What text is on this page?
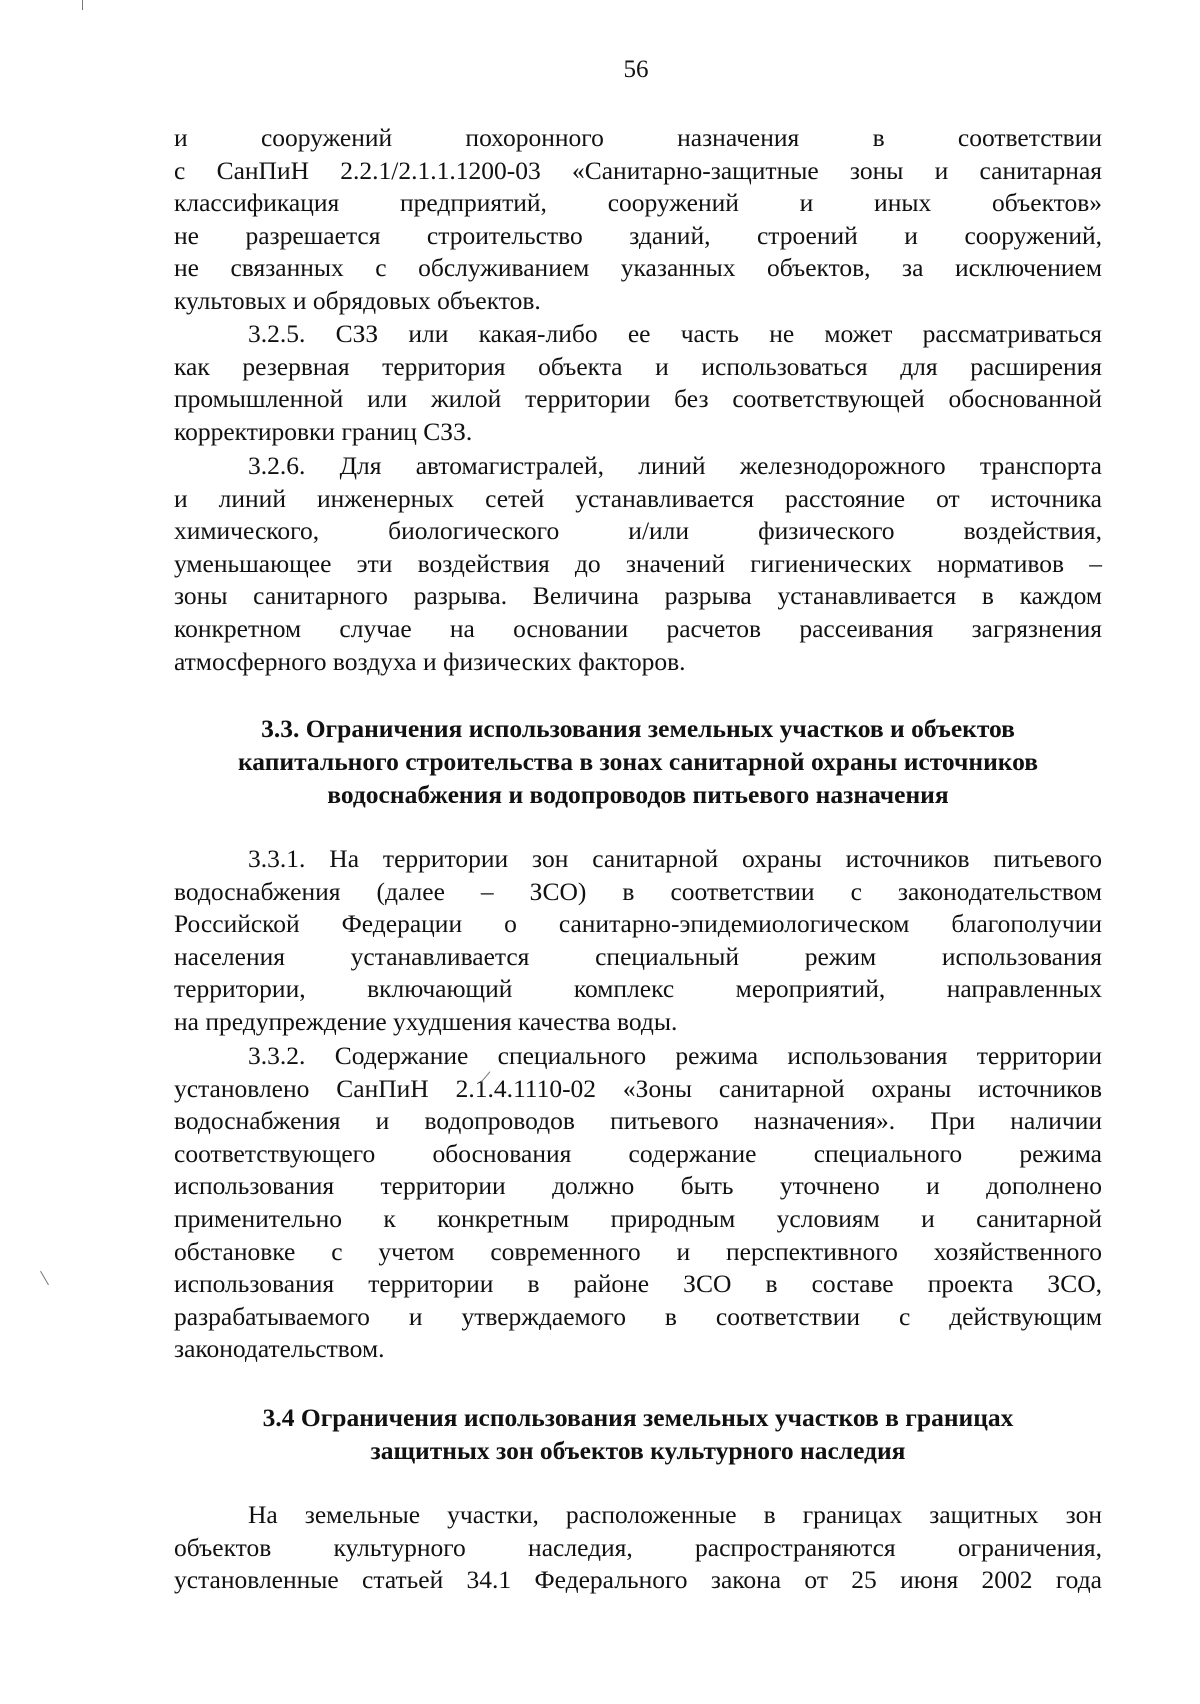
56
и сооружений похоронного назначения в соответствии
с СанПиН 2.2.1/2.1.1.1200-03 «Санитарно-защитные зоны и санитарная
классификация предприятий, сооружений и иных объектов»
не разрешается строительство зданий, строений и сооружений,
не связанных с обслуживанием указанных объектов, за исключением
культовых и обрядовых объектов.
3.2.5. СЗЗ или какая-либо ее часть не может рассматриваться
как резервная территория объекта и использоваться для расширения
промышленной или жилой территории без соответствующей обоснованной
корректировки границ СЗЗ.
3.2.6. Для автомагистралей, линий железнодорожного транспорта
и линий инженерных сетей устанавливается расстояние от источника
химического, биологического и/или физического воздействия,
уменьшающее эти воздействия до значений гигиенических нормативов –
зоны санитарного разрыва. Величина разрыва устанавливается в каждом
конкретном случае на основании расчетов рассеивания загрязнения
атмосферного воздуха и физических факторов.
3.3. Ограничения использования земельных участков и объектов
капитального строительства в зонах санитарной охраны источников
водоснабжения и водопроводов питьевого назначения
3.3.1. На территории зон санитарной охраны источников питьевого
водоснабжения (далее – ЗСО) в соответствии с законодательством
Российской Федерации о санитарно-эпидемиологическом благополучии
населения устанавливается специальный режим использования
территории, включающий комплекс мероприятий, направленных
на предупреждение ухудшения качества воды.
3.3.2. Содержание специального режима использования территории
установлено СанПиН 2.1.4.1110-02 «Зоны санитарной охраны источников
водоснабжения и водопроводов питьевого назначения». При наличии
соответствующего обоснования содержание специального режима
использования территории должно быть уточнено и дополнено
применительно к конкретным природным условиям и санитарной
обстановке с учетом современного и перспективного хозяйственного
использования территории в районе ЗСО в составе проекта ЗСО,
разрабатываемого и утверждаемого в соответствии с действующим
законодательством.
3.4 Ограничения использования земельных участков в границах
защитных зон объектов культурного наследия
На земельные участки, расположенные в границах защитных зон
объектов культурного наследия, распространяются ограничения,
установленные статьей 34.1 Федерального закона от 25 июня 2002 года
